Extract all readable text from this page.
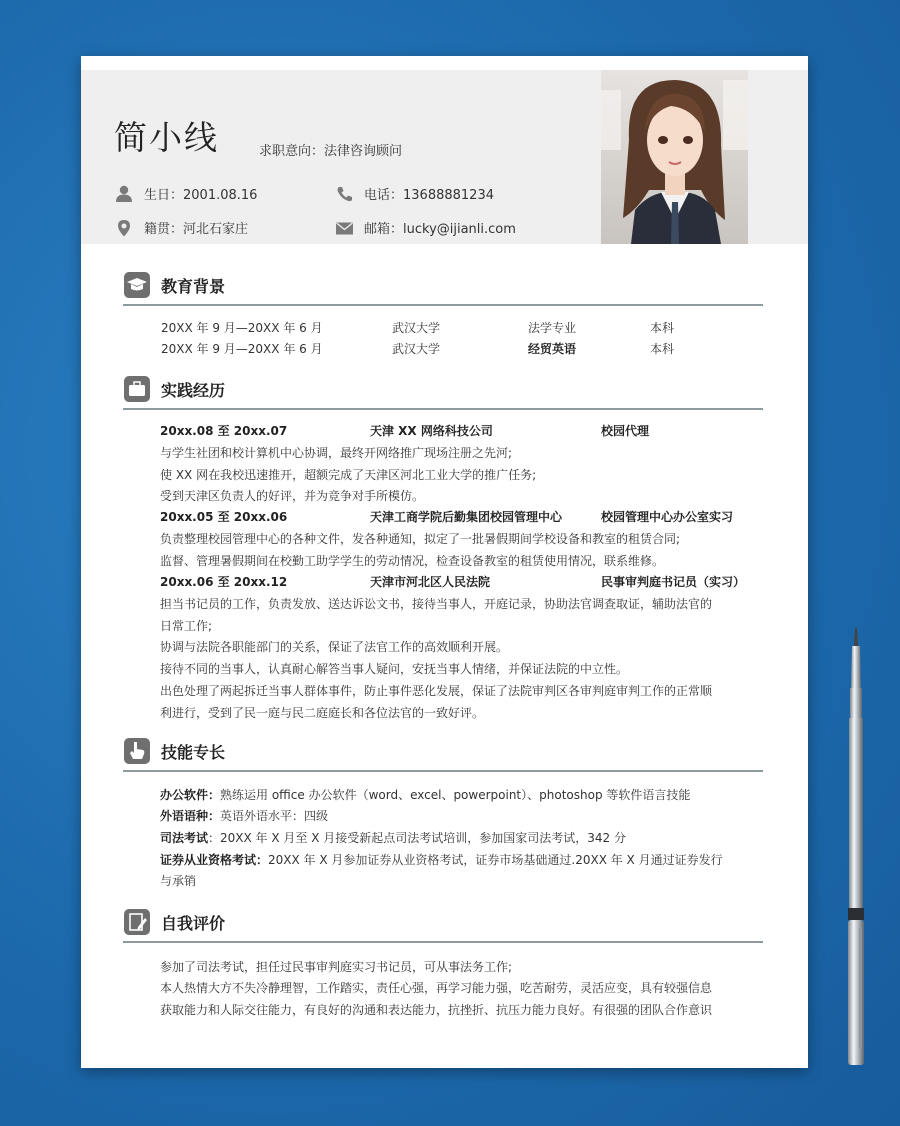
简小线	求职意向：法律咨询顾问
生日：2001.08.16	电话：13688881234
籍贯：河北石家庄	邮箱：lucky@ijianli.com
教育背景
20XX 年 9 月—20XX 年 6 月	武汉大学	法学专业	本科
20XX 年 9 月—20XX 年 6 月	武汉大学	经贸英语	本科
实践经历
20xx.08 至 20xx.07	天津 XX 网络科技公司	校园代理
与学生社团和校计算机中心协调，最终开网络推广现场注册之先河;
使 XX 网在我校迅速推开，超额完成了天津区河北工业大学的推广任务;
受到天津区负责人的好评，并为竞争对手所模仿。
20xx.05 至 20xx.06	天津工商学院后勤集团校园管理中心	校园管理中心办公室实习
负责整理校园管理中心的各种文件，发各种通知，拟定了一批暑假期间学校设备和教室的租赁合同;
监督、管理暑假期间在校勤工助学学生的劳动情况，检查设备教室的租赁使用情况，联系维修。
20xx.06 至 20xx.12	天津市河北区人民法院	民事审判庭书记员（实习）
担当书记员的工作，负责发放、送达诉讼文书，接待当事人，开庭记录，协助法官调查取证，辅助法官的
日常工作;
协调与法院各职能部门的关系，保证了法官工作的高效顺利开展。
接待不同的当事人，认真耐心解答当事人疑问，安抚当事人情绪，并保证法院的中立性。
出色处理了两起拆迁当事人群体事件，防止事件恶化发展，保证了法院审判区各审判庭审判工作的正常顺
利进行，受到了民一庭与民二庭庭长和各位法官的一致好评。
技能专长
办公软件：熟练运用 office 办公软件（word、excel、powerpoint）、photoshop 等软件语言技能
外语语种：英语外语水平：四级
司法考试：20XX 年 X 月至 X 月接受新起点司法考试培训，参加国家司法考试，342 分
证券从业资格考试：20XX 年 X 月参加证券从业资格考试，证券市场基础通过.20XX 年 X 月通过证券发行
与承销
自我评价
参加了司法考试，担任过民事审判庭实习书记员，可从事法务工作;
本人热情大方不失冷静理智，工作踏实，责任心强，再学习能力强，吃苦耐劳，灵活应变，具有较强信息
获取能力和人际交往能力，有良好的沟通和表达能力，抗挫折、抗压力能力良好。有很强的团队合作意识
